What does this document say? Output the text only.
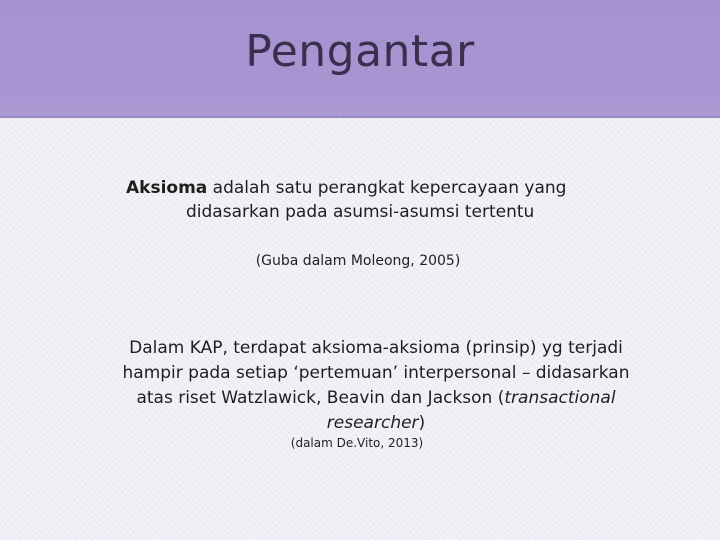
Pengantar

Aksioma adalah satu perangkat kepercayaan yang
didasarkan pada asumsi-asumsi tertentu

(Guba dalam Moleong, 2005)

Dalam KAP, terdapat aksioma-aksioma (prinsip) yg terjadi hampir pada setiap ‘pertemuan’ interpersonal – didasarkan atas riset Watzlawick, Beavin dan Jackson (transactional researcher)

(dalam De.Vito, 2013)
